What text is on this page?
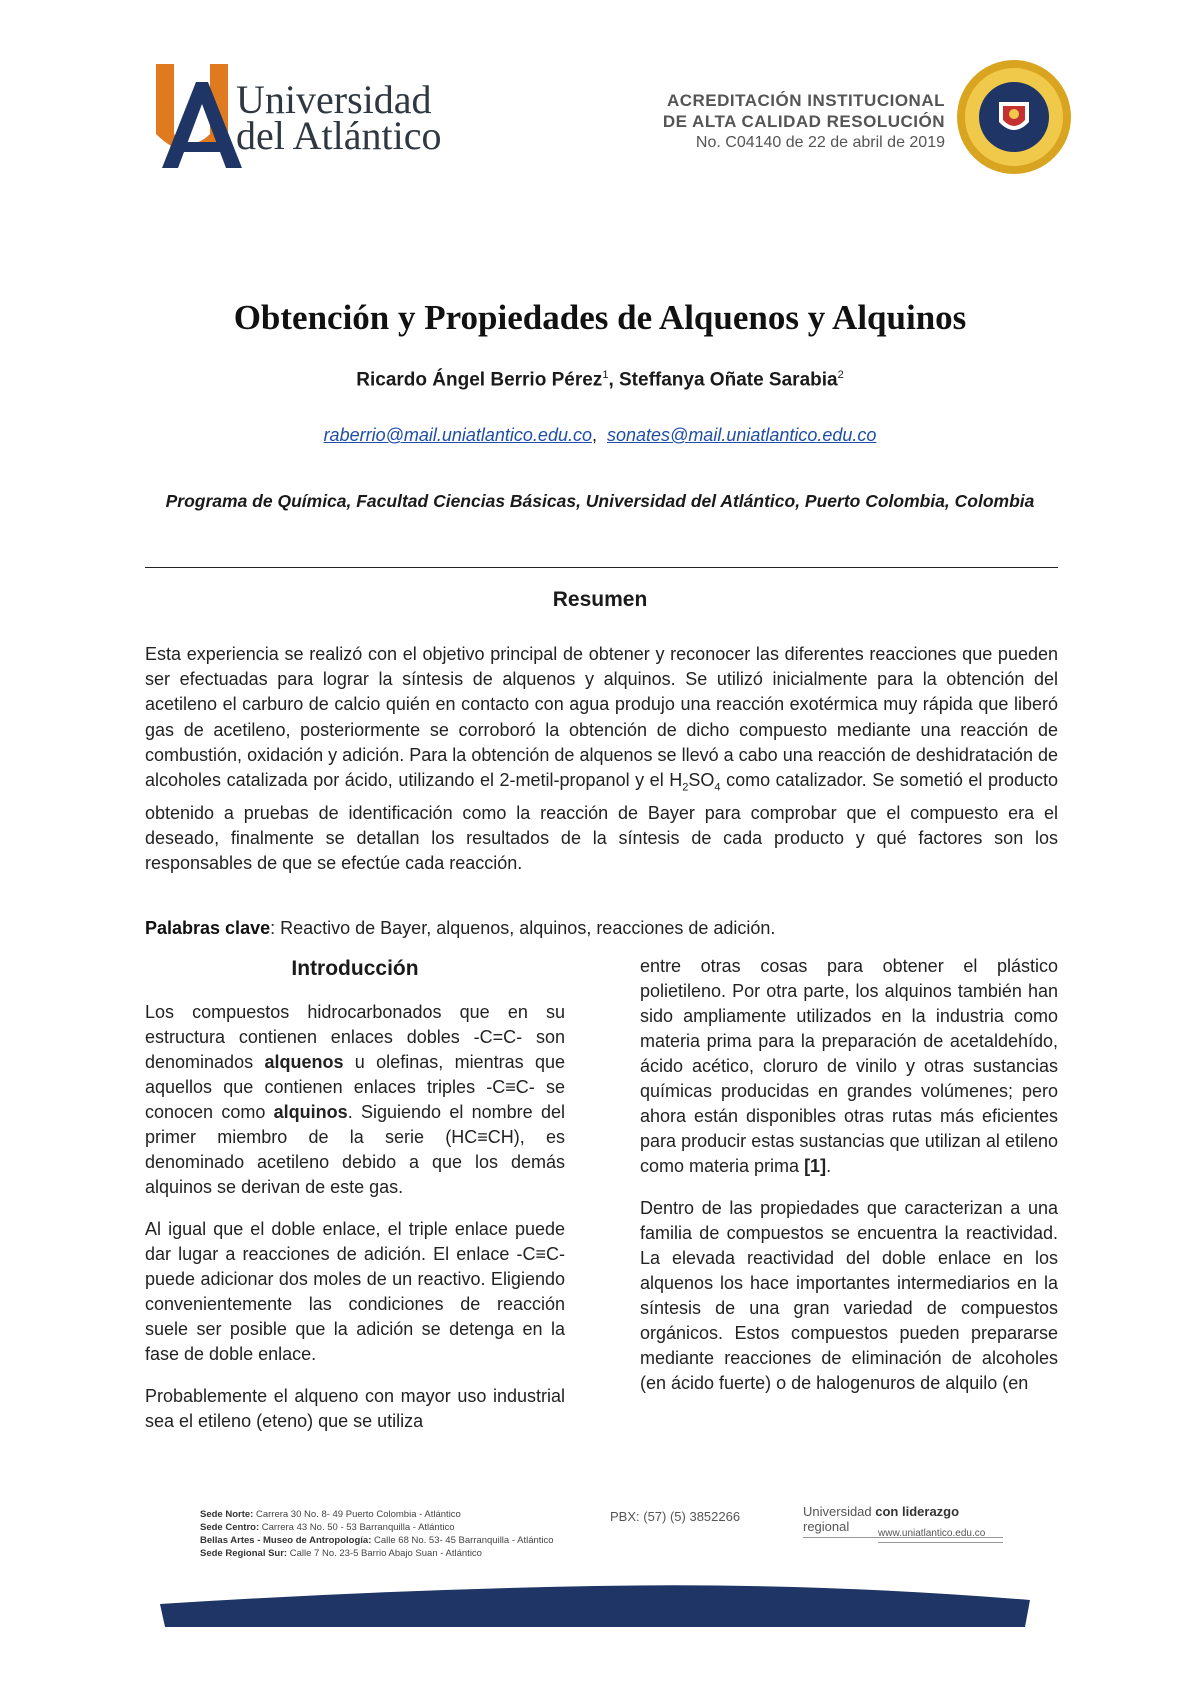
Universidad
del Atlántico
ACREDITACIÓN INSTITUCIONAL
DE ALTA CALIDAD RESOLUCIÓN
No. C04140 de 22 de abril de 2019
Obtención y Propiedades de Alquenos y Alquinos
Ricardo Ángel Berrio Pérez$^1$, Steffanya Oñate Sarabia$^2$
raberrio@mail.uniatlantico.edu.co,  sonates@mail.uniatlantico.edu.co
Programa de Química, Facultad Ciencias Básicas, Universidad del Atlántico, Puerto Colombia, Colombia
Resumen
Esta experiencia se realizó con el objetivo principal de obtener y reconocer las diferentes reacciones que pueden ser efectuadas para lograr la síntesis de alquenos y alquinos. Se utilizó inicialmente para la obtención del acetileno el carburo de calcio quién en contacto con agua produjo una reacción exotérmica muy rápida que liberó gas de acetileno, posteriormente se corroboró la obtención de dicho compuesto mediante una reacción de combustión, oxidación y adición. Para la obtención de alquenos se llevó a cabo una reacción de deshidratación de alcoholes catalizada por ácido, utilizando el 2-metil-propanol y el $H_2SO_4$ como catalizador. Se sometió el producto obtenido a pruebas de identificación como la reacción de Bayer para comprobar que el compuesto era el deseado, finalmente se detallan los resultados de la síntesis de cada producto y qué factores son los responsables de que se efectúe cada reacción.
Palabras clave: Reactivo de Bayer, alquenos, alquinos, reacciones de adición.
Introducción

Los compuestos hidrocarbonados que en su estructura contienen enlaces dobles -C=C- son denominados alquenos u olefinas, mientras que aquellos que contienen enlaces triples -C≡C- se conocen como alquinos. Siguiendo el nombre del primer miembro de la serie (HC≡CH), es denominado acetileno debido a que los demás alquinos se derivan de este gas.

Al igual que el doble enlace, el triple enlace puede dar lugar a reacciones de adición. El enlace -C≡C- puede adicionar dos moles de un reactivo. Eligiendo convenientemente las condiciones de reacción suele ser posible que la adición se detenga en la fase de doble enlace.

Probablemente el alqueno con mayor uso industrial sea el etileno (eteno) que se utiliza

entre otras cosas para obtener el plástico polietileno. Por otra parte, los alquinos también han sido ampliamente utilizados en la industria como materia prima para la preparación de acetaldehído, ácido acético, cloruro de vinilo y otras sustancias químicas producidas en grandes volúmenes; pero ahora están disponibles otras rutas más eficientes para producir estas sustancias que utilizan al etileno como materia prima [1].

Dentro de las propiedades que caracterizan a una familia de compuestos se encuentra la reactividad. La elevada reactividad del doble enlace en los alquenos los hace importantes intermediarios en la síntesis de una gran variedad de compuestos orgánicos. Estos compuestos pueden prepararse mediante reacciones de eliminación de alcoholes (en ácido fuerte) o de halogenuros de alquilo (en

Sede Norte: Carrera 30 No. 8- 49 Puerto Colombia - Atlántico
Sede Centro: Carrera 43 No. 50 - 53 Barranquilla - Atlántico
Bellas Artes - Museo de Antropología: Calle 68 No. 53- 45 Barranquilla - Atlántico
Sede Regional Sur: Calle 7 No. 23-5 Barrio Abajo Suan - Atlántico
PBX: (57) (5) 3852266	Universidad con liderazgo regional	www.uniatlantico.edu.co
